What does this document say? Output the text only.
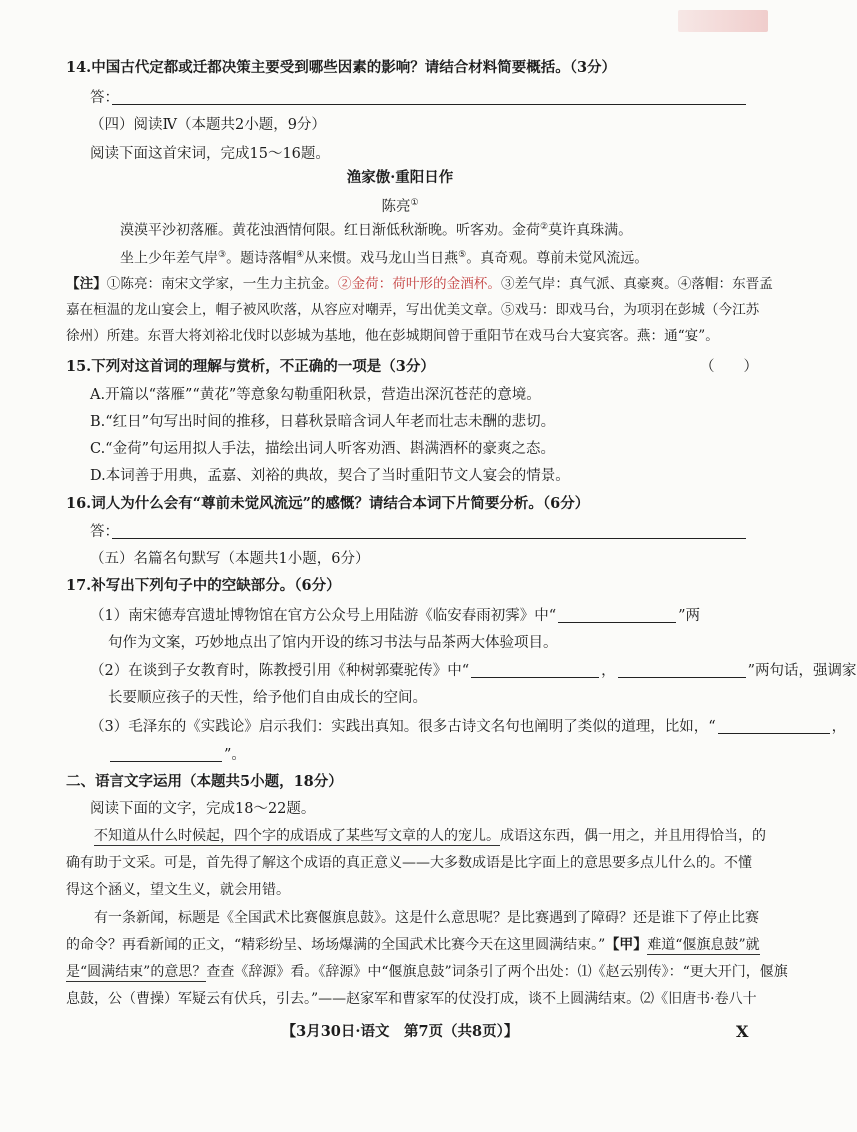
14.中国古代定都或迁都决策主要受到哪些因素的影响？请结合材料简要概括。（3分）
答：
（四）阅读Ⅳ（本题共2小题，9分）
阅读下面这首宋词，完成15～16题。
渔家傲·重阳日作
陈亮①
漠漠平沙初落雁。黄花浊酒情何限。红日渐低秋渐晚。听客劝。金荷②莫许真珠满。
坐上少年差气岸③。题诗落帽④从来惯。戏马龙山当日燕⑤。真奇观。尊前未觉风流远。
【注】①陈亮：南宋文学家，一生力主抗金。②金荷：荷叶形的金酒杯。③差气岸：真气派、真豪爽。④落帽：东晋孟
嘉在桓温的龙山宴会上，帽子被风吹落，从容应对嘲弄，写出优美文章。⑤戏马：即戏马台，为项羽在彭城（今江苏
徐州）所建。东晋大将刘裕北伐时以彭城为基地，他在彭城期间曾于重阳节在戏马台大宴宾客。燕：通“宴”。
15.下列对这首词的理解与赏析，不正确的一项是（3分）	（　　）
A.开篇以“落雁”“黄花”等意象勾勒重阳秋景，营造出深沉苍茫的意境。
B.“红日”句写出时间的推移，日暮秋景暗含词人年老而壮志未酬的悲切。
C.“金荷”句运用拟人手法，描绘出词人听客劝酒、斟满酒杯的豪爽之态。
D.本词善于用典，孟嘉、刘裕的典故，契合了当时重阳节文人宴会的情景。
16.词人为什么会有“尊前未觉风流远”的感慨？请结合本词下片简要分析。（6分）
答：
（五）名篇名句默写（本题共1小题，6分）
17.补写出下列句子中的空缺部分。（6分）
（1）南宋德寿宫遗址博物馆在官方公众号上用陆游《临安春雨初霁》中“	”两
句作为文案，巧妙地点出了馆内开设的练习书法与品茶两大体验项目。
（2）在谈到子女教育时，陈教授引用《种树郭橐驼传》中“	，	”两句话，强调家
长要顺应孩子的天性，给予他们自由成长的空间。
（3）毛泽东的《实践论》启示我们：实践出真知。很多古诗文名句也阐明了类似的道理，比如，“	，
”。
二、语言文字运用（本题共5小题，18分）
阅读下面的文字，完成18～22题。
不知道从什么时候起，四个字的成语成了某些写文章的人的宠儿。成语这东西，偶一用之，并且用得恰当，的
确有助于文采。可是，首先得了解这个成语的真正意义——大多数成语是比字面上的意思要多点儿什么的。不懂
得这个涵义，望文生义，就会用错。
有一条新闻，标题是《全国武术比赛偃旗息鼓》。这是什么意思呢？是比赛遇到了障碍？还是谁下了停止比赛
的命令？再看新闻的正文，“精彩纷呈、场场爆满的全国武术比赛今天在这里圆满结束。”【甲】难道“偃旗息鼓”就
是“圆满结束”的意思？查查《辞源》看。《辞源》中“偃旗息鼓”词条引了两个出处：⑴《赵云别传》：“更大开门，偃旗
息鼓，公（曹操）军疑云有伏兵，引去。”——赵家军和曹家军的仗没打成，谈不上圆满结束。⑵《旧唐书·卷八十
【3月30日·语文　第7页（共8页）】	X
